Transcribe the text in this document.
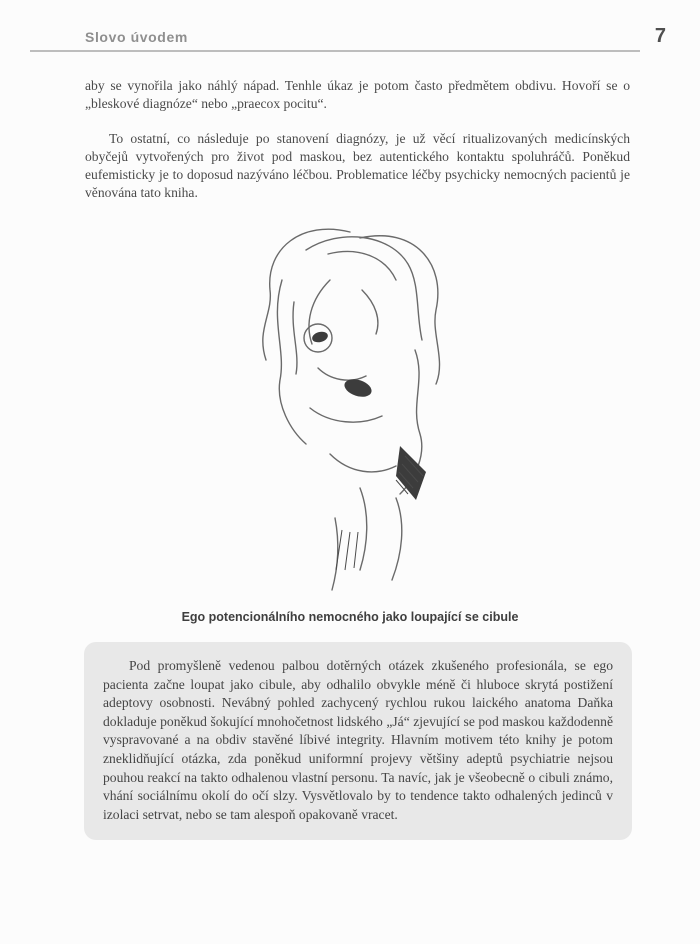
Slovo úvodem	7

aby se vynořila jako náhlý nápad. Tenhle úkaz je potom často předmětem obdivu. Hovoří se o „bleskové diagnóze“ nebo „praecox pocitu“.

To ostatní, co následuje po stanovení diagnózy, je už věcí ritualizovaných medicínských obyčejů vytvořených pro život pod maskou, bez autentického kontaktu spoluhráčů. Poněkud eufemisticky je to doposud nazýváno léčbou. Problematice léčby psychicky nemocných pacientů je věnována tato kniha.

Ego potencionálního nemocného jako loupající se cibule

Pod promyšleně vedenou palbou dotěrných otázek zkušeného profesionála, se ego pacienta začne loupat jako cibule, aby odhalilo obvykle méně či hluboce skrytá postižení adeptovy osobnosti. Nevábný pohled zachycený rychlou rukou laického anatoma Daňka dokladuje poněkud šokující mnohočetnost lidského „Já“ zjevující se pod maskou každodenně vyspravované a na obdiv stavěné líbivé integrity. Hlavním motivem této knihy je potom zneklidňující otázka, zda poněkud uniformní projevy většiny adeptů psychiatrie nejsou pouhou reakcí na takto odhalenou vlastní personu. Ta navíc, jak je všeobecně o cibuli známo, vhání sociálnímu okolí do očí slzy. Vysvětlovalo by to tendence takto odhalených jedinců v izolaci setrvat, nebo se tam alespoň opakovaně vracet.
